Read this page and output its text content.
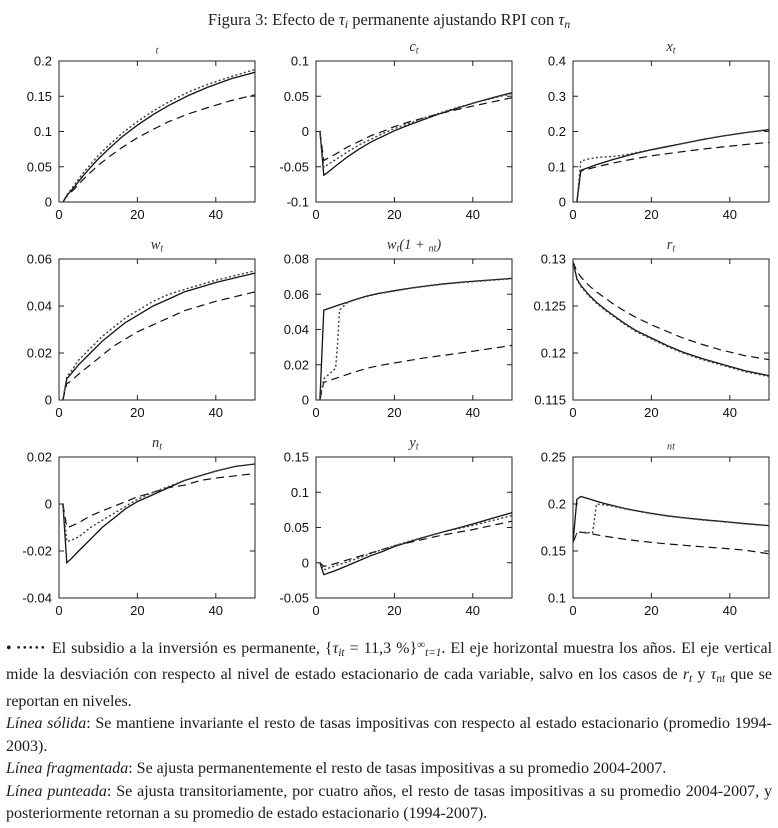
Figura 3: Efecto de τi permanente ajustando RPI con τn
t
0	20	40
0
0.05
0.1
0.15
0.2
ct
0	20	40
-0.1
-0.05
0
0.05
0.1
xt
0	20	40
0
0.1
0.2
0.3
0.4
wt
0	20	40
0
0.02
0.04
0.06
wt(1 + nt)
0	20	40
0
0.02
0.04
0.06
0.08
rt
0	20	40
0.115
0.12
0.125
0.13
nt
0	20	40
-0.04
-0.02
0
0.02
yt
0	20	40
-0.05
0
0.05
0.1
0.15
nt
0	20	40
0.1
0.15
0.2
0.25

• ••••• El subsidio a la inversión es permanente, {τit = 11,3 %}∞t=1. El eje horizontal muestra los años. El eje vertical mide la desviación con respecto al nivel de estado estacionario de cada variable, salvo en los casos de rt y τnt que se reportan en niveles.

Línea sólida: Se mantiene invariante el resto de tasas impositivas con respecto al estado estacionario (promedio 1994-2003).

Línea fragmentada: Se ajusta permanentemente el resto de tasas impositivas a su promedio 2004-2007.

Línea punteada: Se ajusta transitoriamente, por cuatro años, el resto de tasas impositivas a su promedio 2004-2007, y posteriormente retornan a su promedio de estado estacionario (1994-2007).
